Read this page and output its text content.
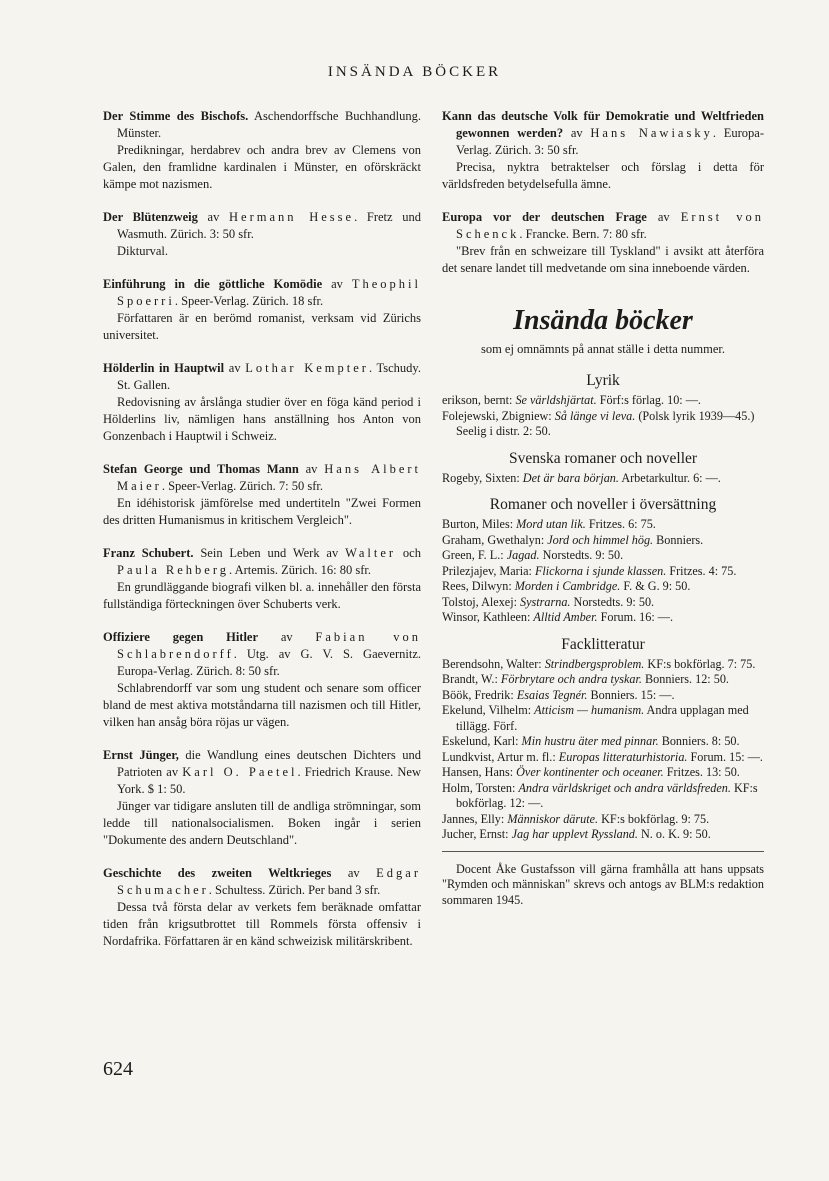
INSÄNDA BÖCKER
Der Stimme des Bischofs. Aschendorffsche Buchhandlung. Münster.
Predikningar, herdabrev och andra brev av Clemens von Galen, den framlidne kardinalen i Münster, en oförskräckt kämpe mot nazismen.
Der Blütenzweig av Hermann Hesse. Fretz und Wasmuth. Zürich. 3: 50 sfr.
Dikturval.
Einführung in die göttliche Komödie av Theophil Spoerri. Speer-Verlag. Zürich. 18 sfr.
Författaren är en berömd romanist, verksam vid Zürichs universitet.
Hölderlin in Hauptwil av Lothar Kempter. Tschudy. St. Gallen.
Redovisning av årslånga studier över en föga känd period i Hölderlins liv, nämligen hans anställning hos Anton von Gonzenbach i Hauptwil i Schweiz.
Stefan George und Thomas Mann av Hans Albert Maier. Speer-Verlag. Zürich. 7: 50 sfr.
En idéhistorisk jämförelse med undertiteln "Zwei Formen des dritten Humanismus in kritischem Vergleich".
Franz Schubert. Sein Leben und Werk av Walter och Paula Rehberg. Artemis. Zürich. 16: 80 sfr.
En grundläggande biografi vilken bl. a. innehåller den första fullständiga förteckningen över Schuberts verk.
Offiziere gegen Hitler av Fabian von Schlabrendorff. Utg. av G. V. S. Gaevernitz. Europa-Verlag. Zürich. 8: 50 sfr.
Schlabrendorff var som ung student och senare som officer bland de mest aktiva motståndarna till nazismen och till Hitler, vilken han ansåg böra röjas ur vägen.
Ernst Jünger, die Wandlung eines deutschen Dichters und Patrioten av Karl O. Paetel. Friedrich Krause. New York. $ 1: 50.
Jünger var tidigare ansluten till de andliga strömningar, som ledde till nationalsocialismen. Boken ingår i serien "Dokumente des andern Deutschland".
Geschichte des zweiten Weltkrieges av Edgar Schumacher. Schultess. Zürich. Per band 3 sfr.
Dessa två första delar av verkets fem beräknade omfattar tiden från krigsutbrottet till Rommels första offensiv i Nordafrika. Författaren är en känd schweizisk militärskribent.
Kann das deutsche Volk für Demokratie und Weltfrieden gewonnen werden? av Hans Nawiasky. Europa-Verlag. Zürich. 3: 50 sfr.
Precisa, nyktra betraktelser och förslag i detta för världsfreden betydelsefulla ämne.
Europa vor der deutschen Frage av Ernst von Schenck. Francke. Bern. 7: 80 sfr.
"Brev från en schweizare till Tyskland" i avsikt att återföra det senare landet till medvetande om sina inneboende värden.
Insända böcker
som ej omnämnts på annat ställe i detta nummer.
Lyrik
erikson, bernt: Se världshjärtat. Förf:s förlag. 10: —.
Folejewski, Zbigniew: Så länge vi leva. (Polsk lyrik 1939—45.) Seelig i distr. 2: 50.
Svenska romaner och noveller
Rogeby, Sixten: Det är bara början. Arbetarkultur. 6: —.
Romaner och noveller i översättning
Burton, Miles: Mord utan lik. Fritzes. 6: 75.
Graham, Gwethalyn: Jord och himmel hög. Bonniers.
Green, F. L.: Jagad. Norstedts. 9: 50.
Prilezjajev, Maria: Flickorna i sjunde klassen. Fritzes. 4: 75.
Rees, Dilwyn: Morden i Cambridge. F. & G. 9: 50.
Tolstoj, Alexej: Systrarna. Norstedts. 9: 50.
Winsor, Kathleen: Alltid Amber. Forum. 16: —.
Facklitteratur
Berendsohn, Walter: Strindbergsproblem. KF:s bokförlag. 7: 75.
Brandt, W.: Förbrytare och andra tyskar. Bonniers. 12: 50.
Böök, Fredrik: Esaias Tegnér. Bonniers. 15: —.
Ekelund, Vilhelm: Atticism — humanism. Andra upplagan med tillägg. Förf.
Eskelund, Karl: Min hustru äter med pinnar. Bonniers. 8: 50.
Lundkvist, Artur m. fl.: Europas litteraturhistoria. Forum. 15: —.
Hansen, Hans: Över kontinenter och oceaner. Fritzes. 13: 50.
Holm, Torsten: Andra världskriget och andra världsfreden. KF:s bokförlag. 12: —.
Jannes, Elly: Människor därute. KF:s bokförlag. 9: 75.
Jucher, Ernst: Jag har upplevt Ryssland. N. o. K. 9: 50.
Docent Åke Gustafsson vill gärna framhålla att hans uppsats "Rymden och människan" skrevs och antogs av BLM:s redaktion sommaren 1945.
624
